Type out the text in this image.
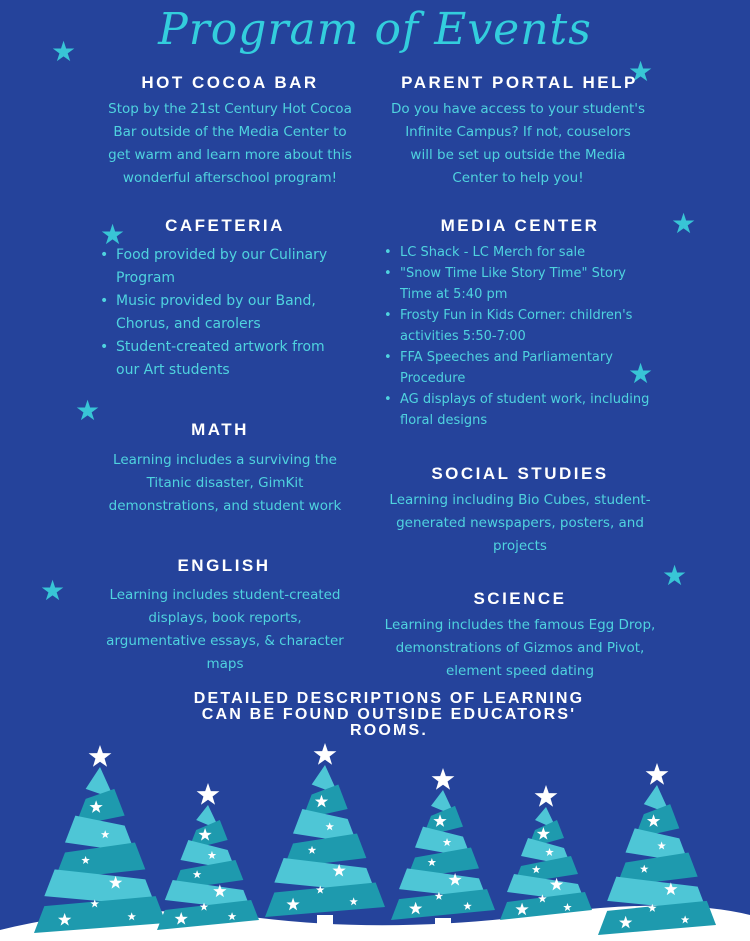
Program of Events
★
★
★
★
★
★
★
★
HOT COCOA BAR
Stop by the 21st Century Hot Cocoa
Bar outside of the Media Center to
get warm and learn more about this
wonderful afterschool program!
PARENT PORTAL HELP
Do you have access to your student's
Infinite Campus? If not, couselors
will be set up outside the Media
Center to help you!
CAFETERIA
• Food provided by our Culinary
Program
• Music provided by our Band,
Chorus, and carolers
• Student-created artwork from
our Art students
MEDIA CENTER
• LC Shack - LC Merch for sale
• "Snow Time Like Story Time" Story
Time at 5:40 pm
• Frosty Fun in Kids Corner: children's
activities 5:50-7:00
• FFA Speeches and Parliamentary
Procedure
• AG displays of student work, including
floral designs
MATH
Learning includes a surviving the
Titanic disaster, GimKit
demonstrations, and student work
SOCIAL STUDIES
Learning including Bio Cubes, student-
generated newspapers, posters, and
projects
ENGLISH
Learning includes student-created
displays, book reports,
argumentative essays, & character
maps
SCIENCE
Learning includes the famous Egg Drop,
demonstrations of Gizmos and Pivot,
element speed dating
DETAILED DESCRIPTIONS OF LEARNING
CAN BE FOUND OUTSIDE EDUCATORS'
ROOMS.
